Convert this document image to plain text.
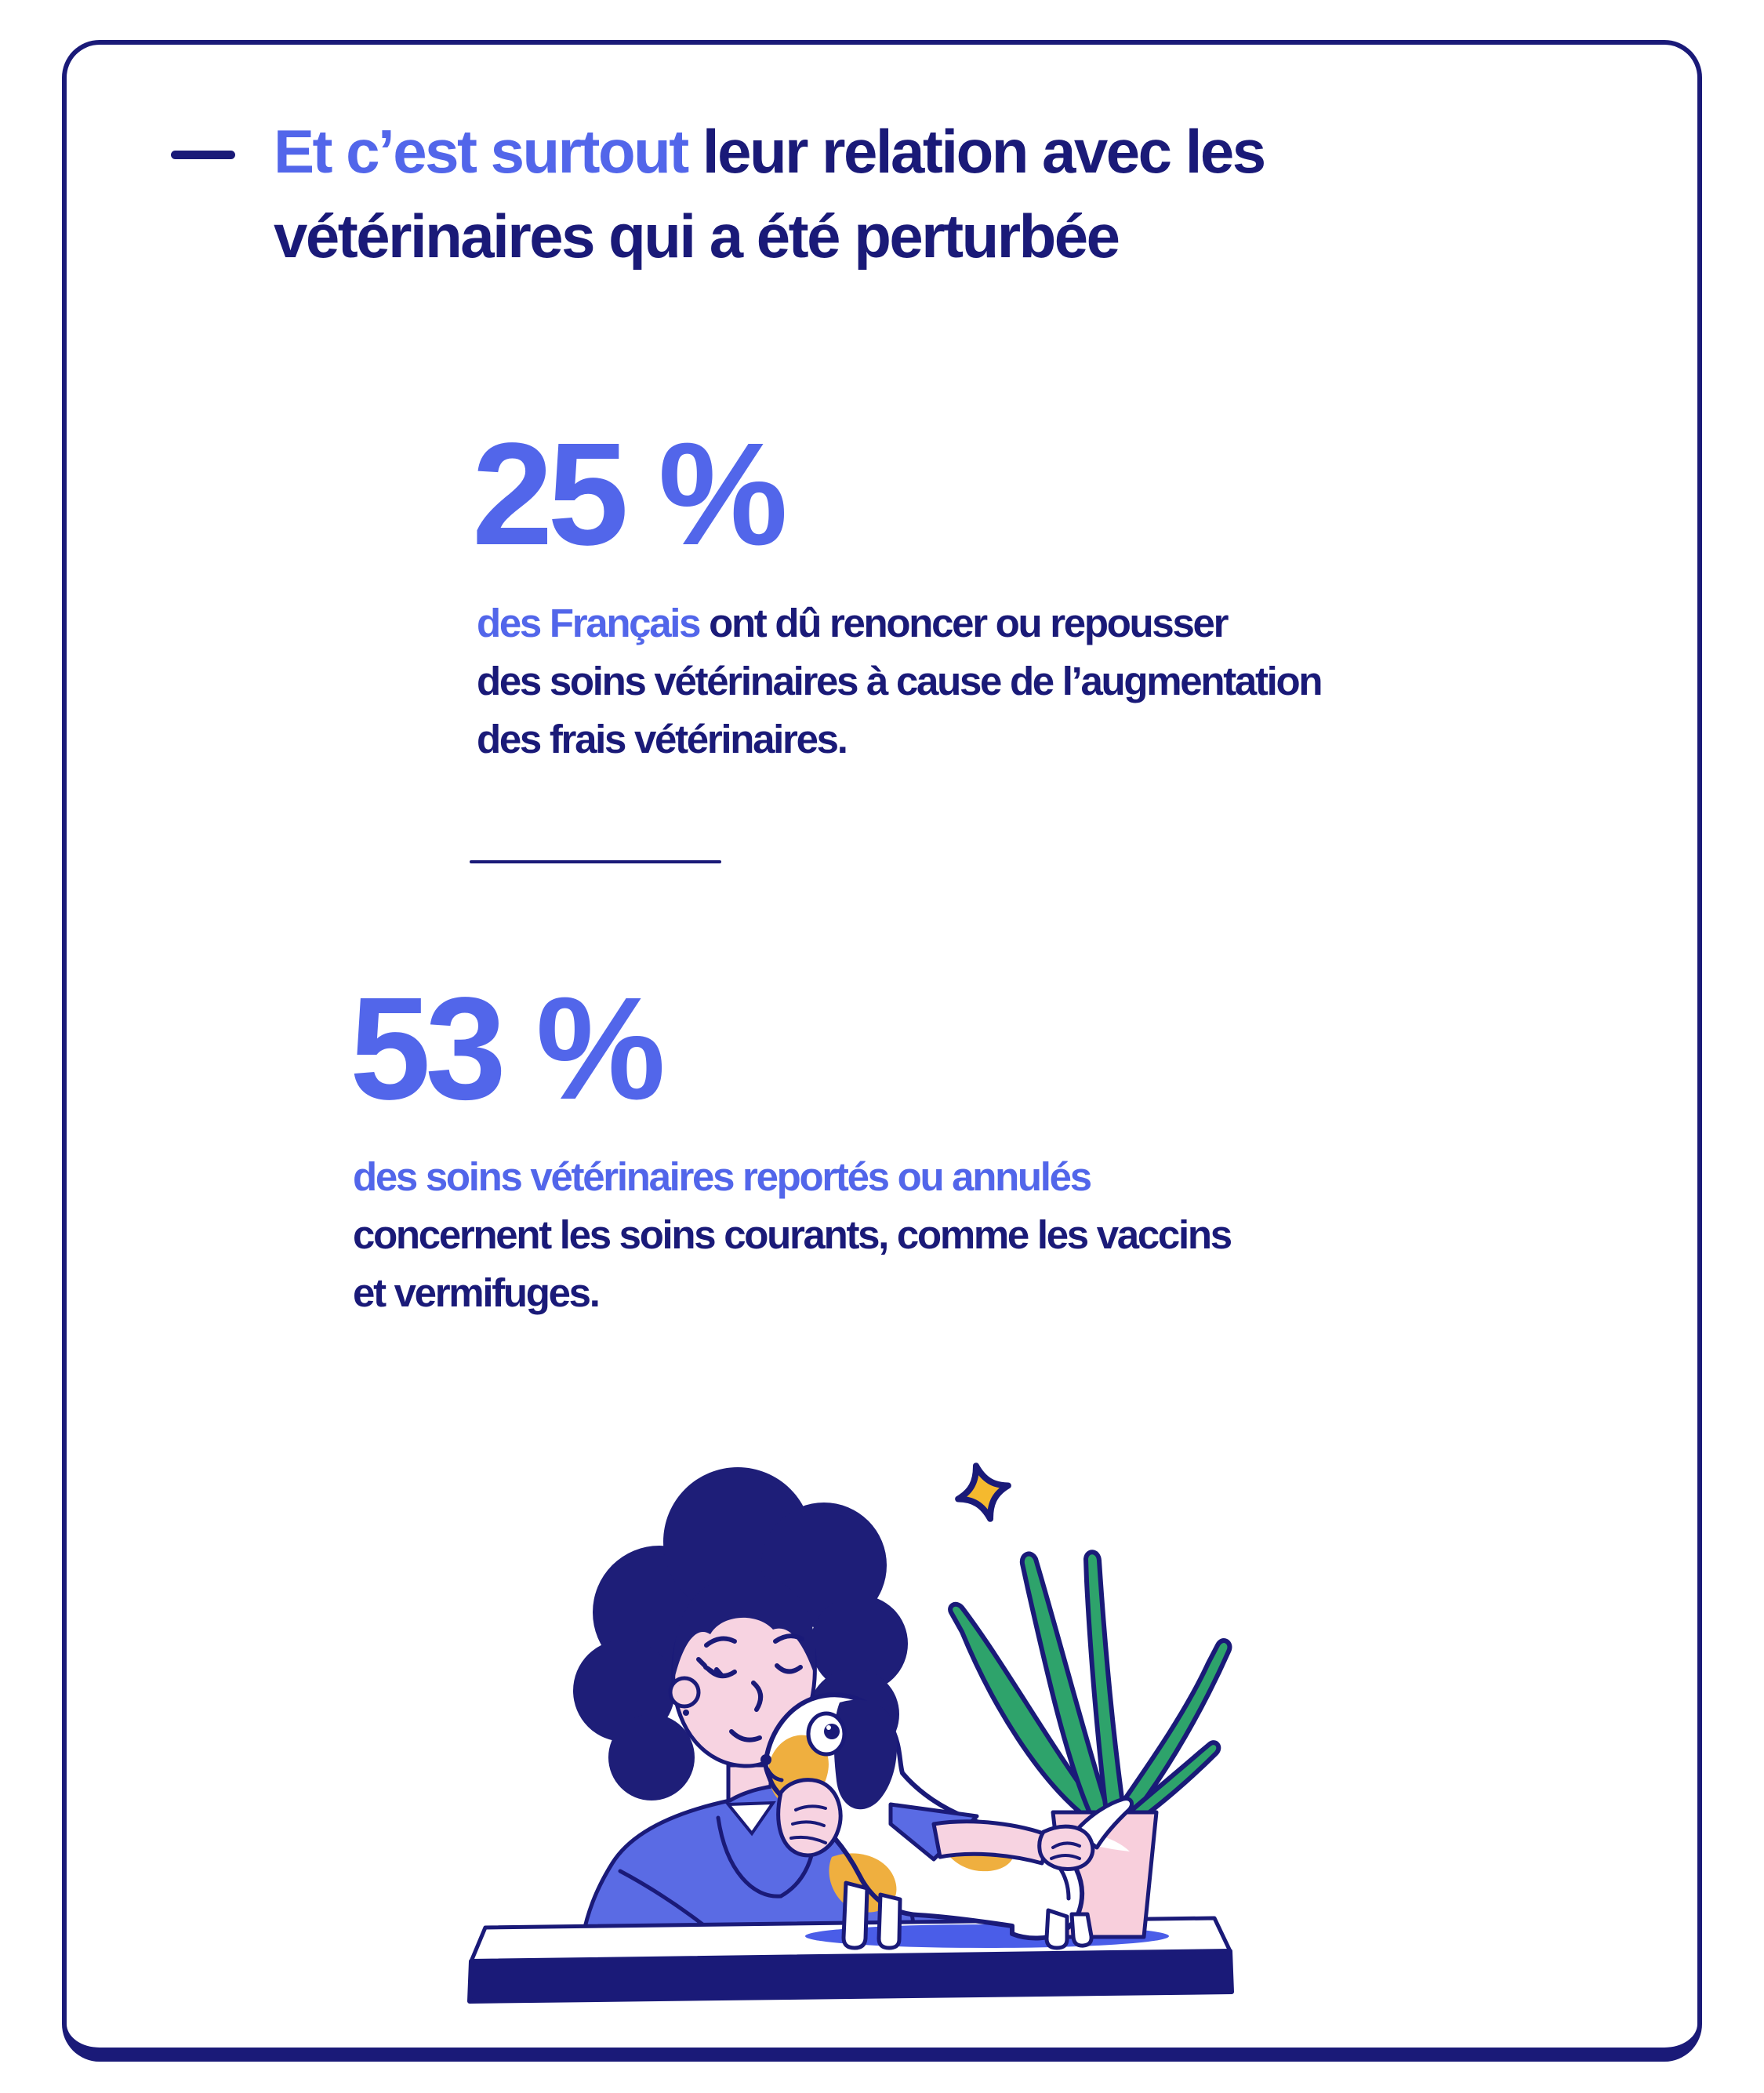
Et c’est surtout leur relation avec les
vétérinaires qui a été perturbée
25 %
des Français ont dû renoncer ou repousser
des soins vétérinaires à cause de l’augmentation
des frais vétérinaires.
53 %
des soins vétérinaires reportés ou annulés
concernent les soins courants, comme les vaccins
et vermifuges.
